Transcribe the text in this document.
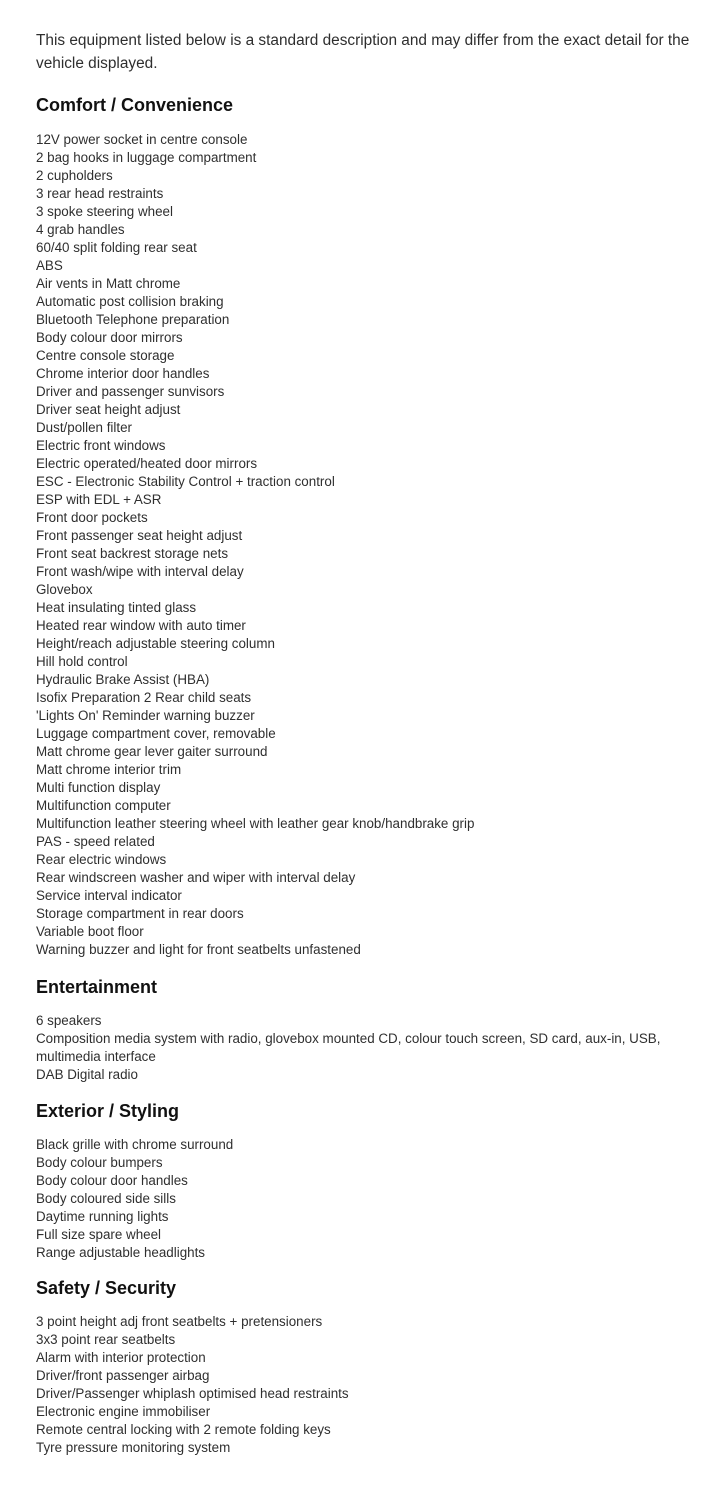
This equipment listed below is a standard description and may differ from the exact detail for the vehicle displayed.

Comfort / Convenience
12V power socket in centre console
2 bag hooks in luggage compartment
2 cupholders
3 rear head restraints
3 spoke steering wheel
4 grab handles
60/40 split folding rear seat
ABS
Air vents in Matt chrome
Automatic post collision braking
Bluetooth Telephone preparation
Body colour door mirrors
Centre console storage
Chrome interior door handles
Driver and passenger sunvisors
Driver seat height adjust
Dust/pollen filter
Electric front windows
Electric operated/heated door mirrors
ESC - Electronic Stability Control + traction control
ESP with EDL + ASR
Front door pockets
Front passenger seat height adjust
Front seat backrest storage nets
Front wash/wipe with interval delay
Glovebox
Heat insulating tinted glass
Heated rear window with auto timer
Height/reach adjustable steering column
Hill hold control
Hydraulic Brake Assist (HBA)
Isofix Preparation 2 Rear child seats
'Lights On' Reminder warning buzzer
Luggage compartment cover, removable
Matt chrome gear lever gaiter surround
Matt chrome interior trim
Multi function display
Multifunction computer
Multifunction leather steering wheel with leather gear knob/handbrake grip
PAS - speed related
Rear electric windows
Rear windscreen washer and wiper with interval delay
Service interval indicator
Storage compartment in rear doors
Variable boot floor
Warning buzzer and light for front seatbelts unfastened
Entertainment
6 speakers
Composition media system with radio, glovebox mounted CD, colour touch screen, SD card, aux-in, USB, multimedia interface
DAB Digital radio
Exterior / Styling
Black grille with chrome surround
Body colour bumpers
Body colour door handles
Body coloured side sills
Daytime running lights
Full size spare wheel
Range adjustable headlights
Safety / Security
3 point height adj front seatbelts + pretensioners
3x3 point rear seatbelts
Alarm with interior protection
Driver/front passenger airbag
Driver/Passenger whiplash optimised head restraints
Electronic engine immobiliser
Remote central locking with 2 remote folding keys
Tyre pressure monitoring system
